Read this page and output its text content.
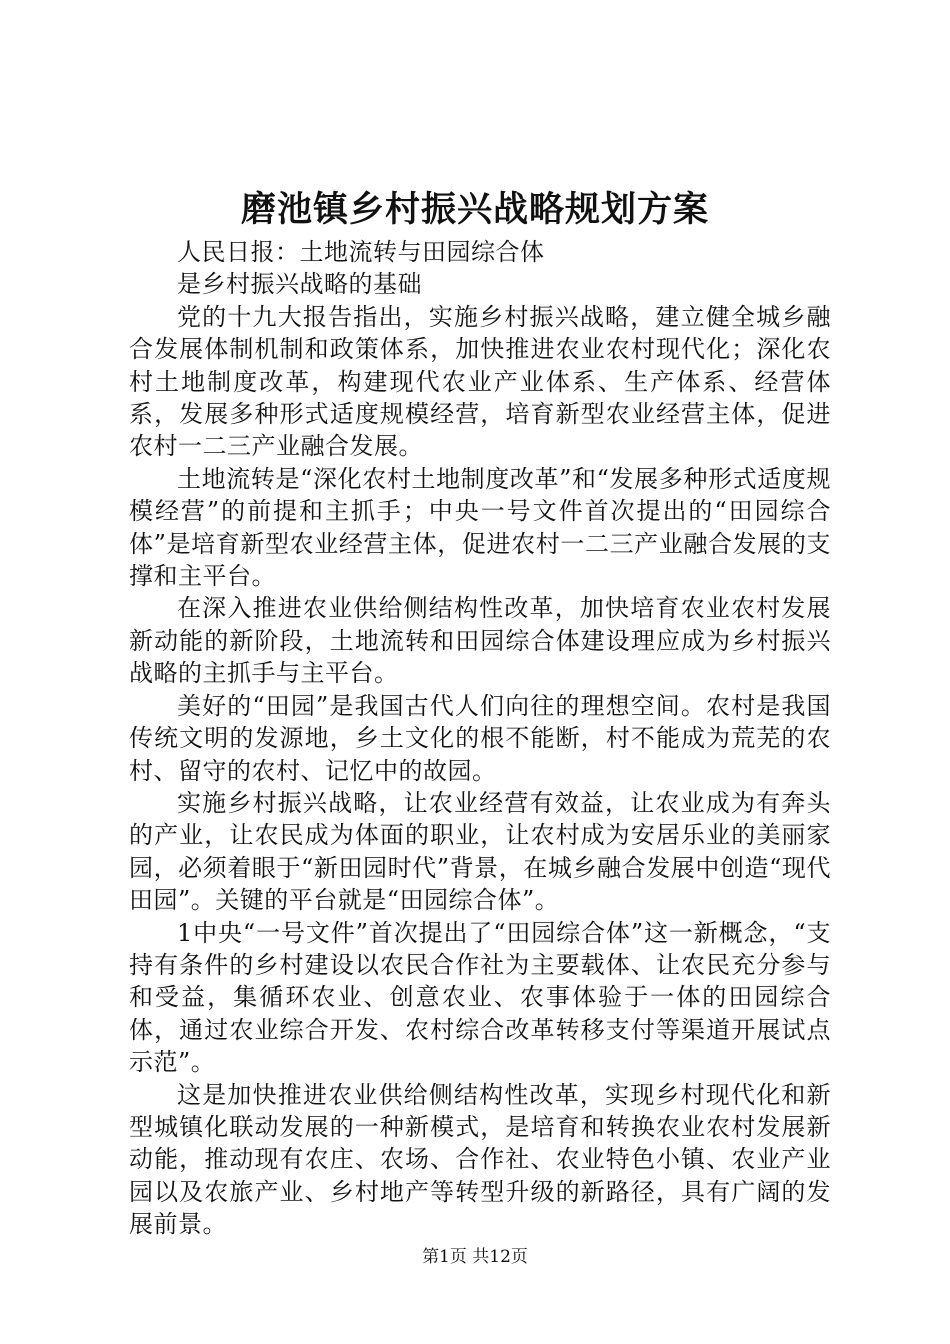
磨池镇乡村振兴战略规划方案

人民日报：土地流转与田园综合体

是乡村振兴战略的基础

党的十九大报告指出，实施乡村振兴战略，建立健全城乡融合发展体制机制和政策体系，加快推进农业农村现代化；深化农村土地制度改革，构建现代农业产业体系、生产体系、经营体系，发展多种形式适度规模经营，培育新型农业经营主体，促进农村一二三产业融合发展。

土地流转是“深化农村土地制度改革”和“发展多种形式适度规模经营”的前提和主抓手；中央一号文件首次提出的“田园综合体”是培育新型农业经营主体，促进农村一二三产业融合发展的支撑和主平台。

在深入推进农业供给侧结构性改革，加快培育农业农村发展新动能的新阶段，土地流转和田园综合体建设理应成为乡村振兴战略的主抓手与主平台。

美好的“田园”是我国古代人们向往的理想空间。农村是我国传统文明的发源地，乡土文化的根不能断，村不能成为荒芜的农村、留守的农村、记忆中的故园。

实施乡村振兴战略，让农业经营有效益，让农业成为有奔头的产业，让农民成为体面的职业，让农村成为安居乐业的美丽家园，必须着眼于“新田园时代”背景，在城乡融合发展中创造“现代田园”。关键的平台就是“田园综合体”。

1中央“一号文件”首次提出了“田园综合体”这一新概念，“支持有条件的乡村建设以农民合作社为主要载体、让农民充分参与和受益，集循环农业、创意农业、农事体验于一体的田园综合体，通过农业综合开发、农村综合改革转移支付等渠道开展试点示范”。

这是加快推进农业供给侧结构性改革，实现乡村现代化和新型城镇化联动发展的一种新模式，是培育和转换农业农村发展新动能，推动现有农庄、农场、合作社、农业特色小镇、农业产业园以及农旅产业、乡村地产等转型升级的新路径，具有广阔的发展前景。

第1页 共12页
